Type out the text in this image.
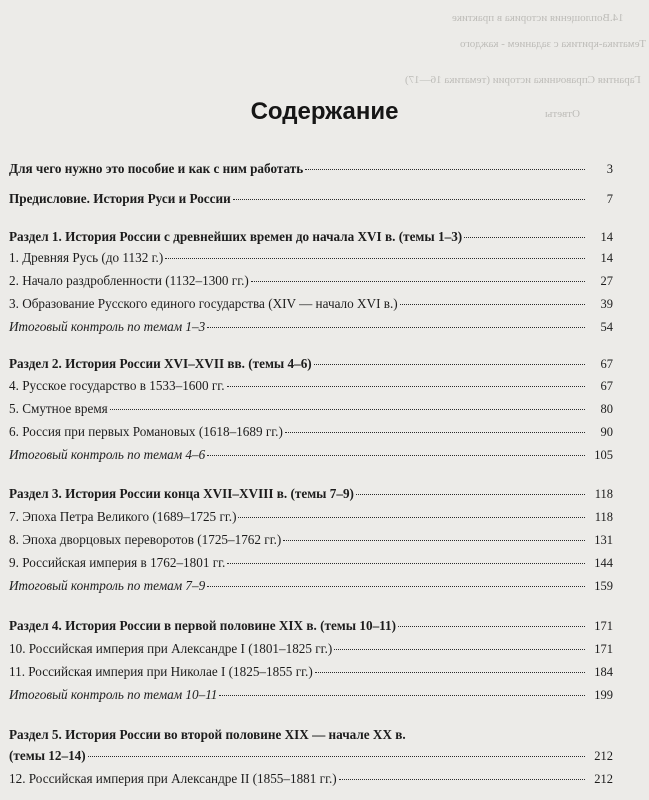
14.Воплощения историка в практике
Ответы
Тематика-критика с заданием - каждого
Гарантия Справочника истории (тематика 16—17)
Содержание
Для чего нужно это пособие и как с ним работать	3
Предисловие. История Руси и России	7
Раздел 1. История России с древнейших времен до начала XVI в. (темы 1–3)	14
1. Древняя Русь (до 1132 г.)	14
2. Начало раздробленности (1132–1300 гг.)	27
3. Образование Русского единого государства (XIV — начало XVI в.)	39
Итоговый контроль по темам 1–3	54
Раздел 2. История России XVI–XVII вв. (темы 4–6)	67
4. Русское государство в 1533–1600 гг.	67
5. Смутное время	80
6. Россия при первых Романовых (1618–1689 гг.)	90
Итоговый контроль по темам 4–6	105
Раздел 3. История России конца XVII–XVIII в. (темы 7–9)	118
7. Эпоха Петра Великого (1689–1725 гг.)	118
8. Эпоха дворцовых переворотов (1725–1762 гг.)	131
9. Российская империя в 1762–1801 гг.	144
Итоговый контроль по темам 7–9	159
Раздел 4. История России в первой половине XIX в. (темы 10–11)	171
10. Российская империя при Александре I (1801–1825 гг.)	171
11. Российская империя при Николае I (1825–1855 гг.)	184
Итоговый контроль по темам 10–11	199
Раздел 5. История России во второй половине XIX — начале XX в.
(темы 12–14)	212
12. Российская империя при Александре II (1855–1881 гг.)	212
